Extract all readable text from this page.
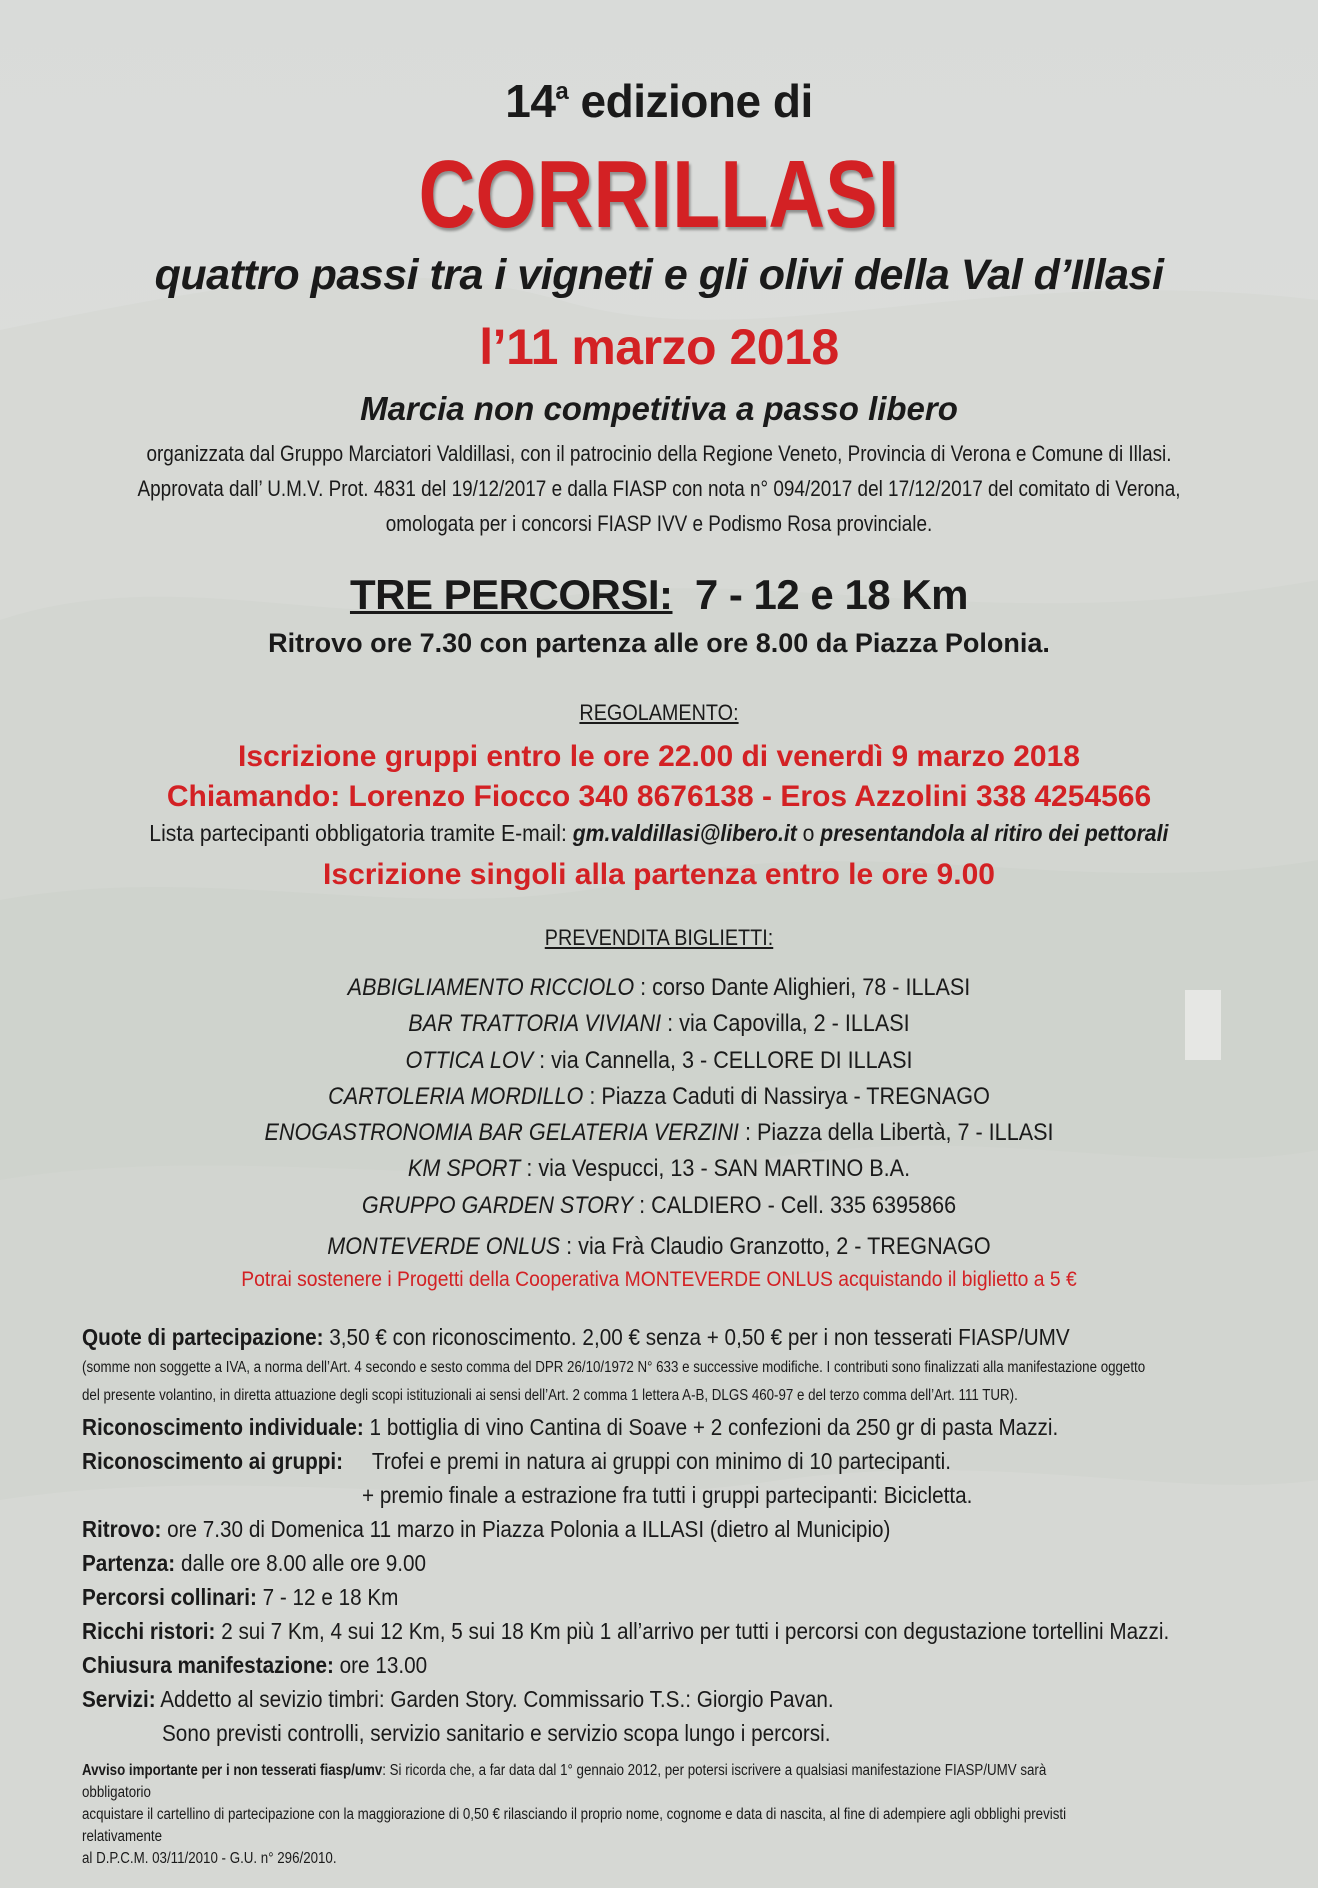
14$^a$ edizione di
CORRILLASI
quattro passi tra i vigneti e gli olivi della Val d’Illasi
l’11 marzo 2018
Marcia non competitiva a passo libero
organizzata dal Gruppo Marciatori Valdillasi, con il patrocinio della Regione Veneto, Provincia di Verona e Comune di Illasi.
Approvata dall’ U.M.V. Prot. 4831 del 19/12/2017 e dalla FIASP con nota n° 094/2017 del 17/12/2017 del comitato di Verona,
omologata per i concorsi FIASP IVV e Podismo Rosa provinciale.
TRE PERCORSI: 7 - 12 e 18 Km
Ritrovo ore 7.30 con partenza alle ore 8.00 da Piazza Polonia.
REGOLAMENTO:
Iscrizione gruppi entro le ore 22.00 di venerdì 9 marzo 2018
Chiamando: Lorenzo Fiocco 340 8676138 - Eros Azzolini 338 4254566
Lista partecipanti obbligatoria tramite E-mail: gm.valdillasi@libero.it o presentandola al ritiro dei pettorali
Iscrizione singoli alla partenza entro le ore 9.00
PREVENDITA BIGLIETTI:
ABBIGLIAMENTO RICCIOLO : corso Dante Alighieri, 78 - ILLASI
BAR TRATTORIA VIVIANI : via Capovilla, 2 - ILLASI
OTTICA LOV : via Cannella, 3 - CELLORE DI ILLASI
CARTOLERIA MORDILLO : Piazza Caduti di Nassirya - TREGNAGO
ENOGASTRONOMIA BAR GELATERIA VERZINI : Piazza della Libertà, 7 - ILLASI
KM SPORT : via Vespucci, 13 - SAN MARTINO B.A.
GRUPPO GARDEN STORY : CALDIERO - Cell. 335 6395866
MONTEVERDE ONLUS : via Frà Claudio Granzotto, 2 - TREGNAGO
Potrai sostenere i Progetti della Cooperativa MONTEVERDE ONLUS acquistando il biglietto a 5 €
Quote di partecipazione: 3,50 € con riconoscimento. 2,00 € senza + 0,50 € per i non tesserati FIASP/UMV
(somme non soggette a IVA, a norma dell’Art. 4 secondo e sesto comma del DPR 26/10/1972 N° 633 e successive modifiche. I contributi sono finalizzati alla manifestazione oggetto
del presente volantino, in diretta attuazione degli scopi istituzionali ai sensi dell’Art. 2 comma 1 lettera A-B, DLGS 460-97 e del terzo comma dell’Art. 111 TUR).
Riconoscimento individuale: 1 bottiglia di vino Cantina di Soave + 2 confezioni da 250 gr di pasta Mazzi.
Riconoscimento ai gruppi: Trofei e premi in natura ai gruppi con minimo di 10 partecipanti.
+ premio finale a estrazione fra tutti i gruppi partecipanti: Bicicletta.
Ritrovo: ore 7.30 di Domenica 11 marzo in Piazza Polonia a ILLASI (dietro al Municipio)
Partenza: dalle ore 8.00 alle ore 9.00
Percorsi collinari: 7 - 12 e 18 Km
Ricchi ristori: 2 sui 7 Km, 4 sui 12 Km, 5 sui 18 Km più 1 all’arrivo per tutti i percorsi con degustazione tortellini Mazzi.
Chiusura manifestazione: ore 13.00
Servizi: Addetto al sevizio timbri: Garden Story. Commissario T.S.: Giorgio Pavan.
Sono previsti controlli, servizio sanitario e servizio scopa lungo i percorsi.
Avviso importante per i non tesserati fiasp/umv: Si ricorda che, a far data dal 1° gennaio 2012, per potersi iscrivere a qualsiasi manifestazione FIASP/UMV sarà obbligatorio
acquistare il cartellino di partecipazione con la maggiorazione di 0,50 € rilasciando il proprio nome, cognome e data di nascita, al fine di adempiere agli obblighi previsti relativamente
al D.P.C.M. 03/11/2010 - G.U. n° 296/2010.
